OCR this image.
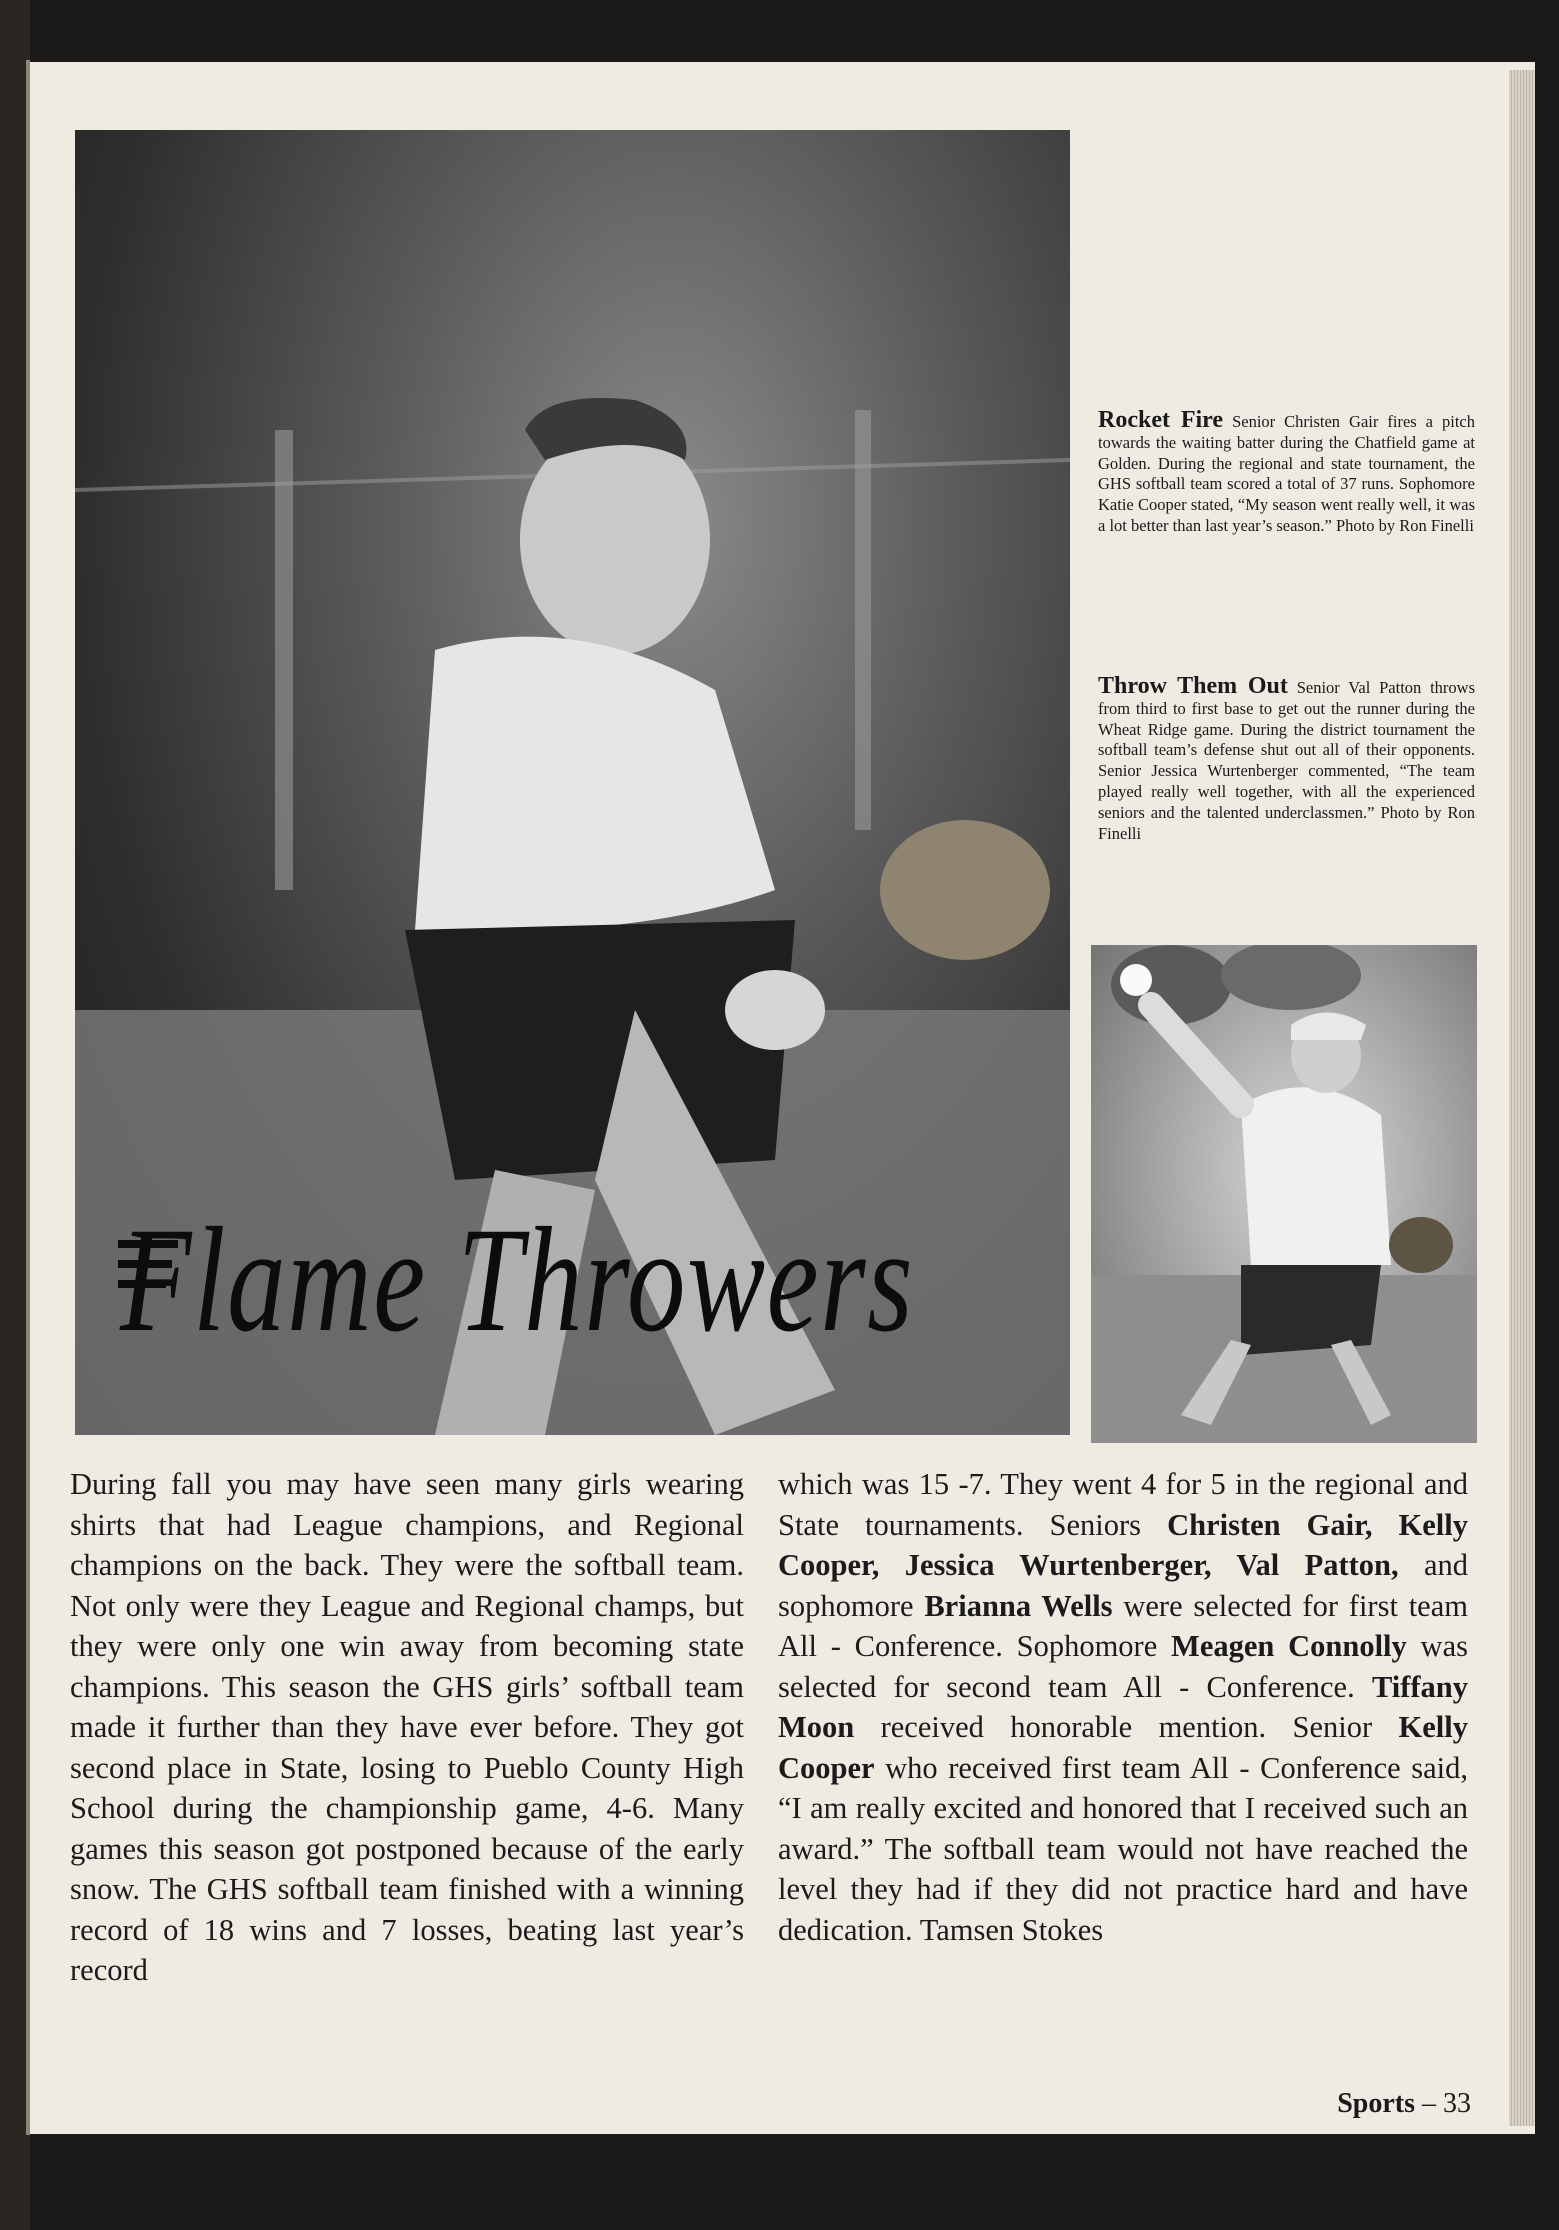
Flame Throwers
Rocket Fire Senior Christen Gair fires a pitch towards the waiting batter during the Chatfield game at Golden. During the regional and state tournament, the GHS softball team scored a total of 37 runs. Sophomore Katie Cooper stated, “My season went really well, it was a lot better than last year’s season.” Photo by Ron Finelli
Throw Them Out Senior Val Patton throws from third to first base to get out the runner during the Wheat Ridge game. During the district tournament the softball team’s defense shut out all of their opponents. Senior Jessica Wurtenberger commented, “The team played really well together, with all the experienced seniors and the talented underclassmen.” Photo by Ron Finelli
During fall you may have seen many girls wearing shirts that had League champions, and Regional champions on the back. They were the softball team. Not only were they League and Regional champs, but they were only one win away from becoming state champions. This season the GHS girls’ softball team made it further than they have ever before. They got second place in State, losing to Pueblo County High School during the championship game, 4-6. Many games this season got postponed because of the early snow. The GHS softball team finished with a winning record of 18 wins and 7 losses, beating last year’s record
which was 15 -7. They went 4 for 5 in the regional and State tournaments. Seniors Christen Gair, Kelly Cooper, Jessica Wurtenberger, Val Patton, and sophomore Brianna Wells were selected for first team All - Conference. Sophomore Meagen Connolly was selected for second team All - Conference. Tiffany Moon received honorable mention. Senior Kelly Cooper who received first team All - Conference said, “I am really excited and honored that I received such an award.” The softball team would not have reached the level they had if they did not practice hard and have dedication. Tamsen Stokes
Sports – 33
